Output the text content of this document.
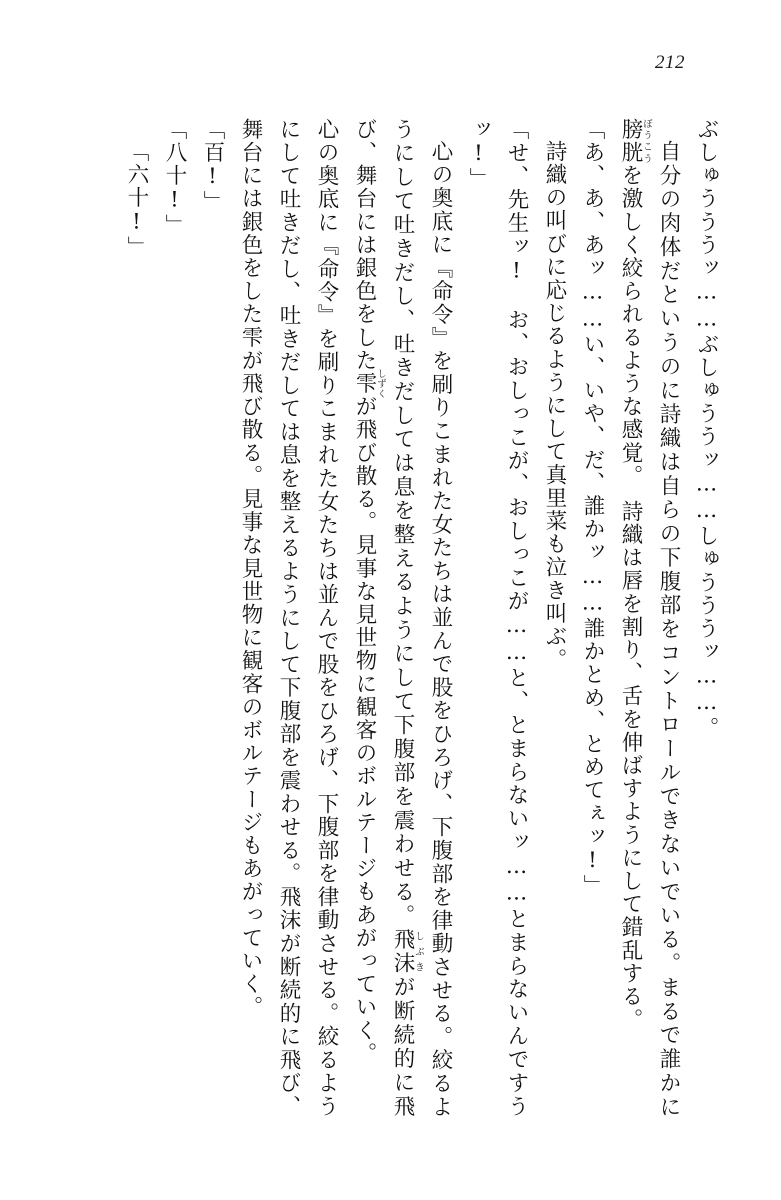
212

ぶしゅうううッ……ぶしゅううッ……しゅうううッ……。

自分の肉体だというのに詩織は自らの下腹部をコントロールできないでいる。まるで誰かに膀胱ぼうこうを激しく絞られるような感覚。　詩織は唇を割り、舌を伸ばすようにして錯乱する。

「あ、あ、あッ……い、いや、だ、誰かッ……誰かとめ、とめてぇッ!」

詩織の叫びに応じるようにして真里菜も泣き叫ぶ。

「せ、先生ッ!　お、おしっこが、おしっこが……と、とまらないッ……とまらないんですうッ!」

心の奥底に『命令』を刷りこまれた女たちは並んで股をひろげ、下腹部を律動させる。絞るようにして吐きだし、吐きだしては息を整えるようにして下腹部を震わせる。飛沫しぶきが断続的に飛び、舞台には銀色をした雫しずくが飛び散る。見事な見世物に観客のボルテージもあがっていく。

心の奥底に『命令』を刷りこまれた女たちは並んで股をひろげ、下腹部を律動させる。絞るようにして吐きだし、吐きだしては息を整えるようにして下腹部を震わせる。飛沫が断続的に飛び、舞台には銀色をした雫が飛び散る。見事な見世物に観客のボルテージもあがっていく。

「百!」

「八十!」

「六十!」
